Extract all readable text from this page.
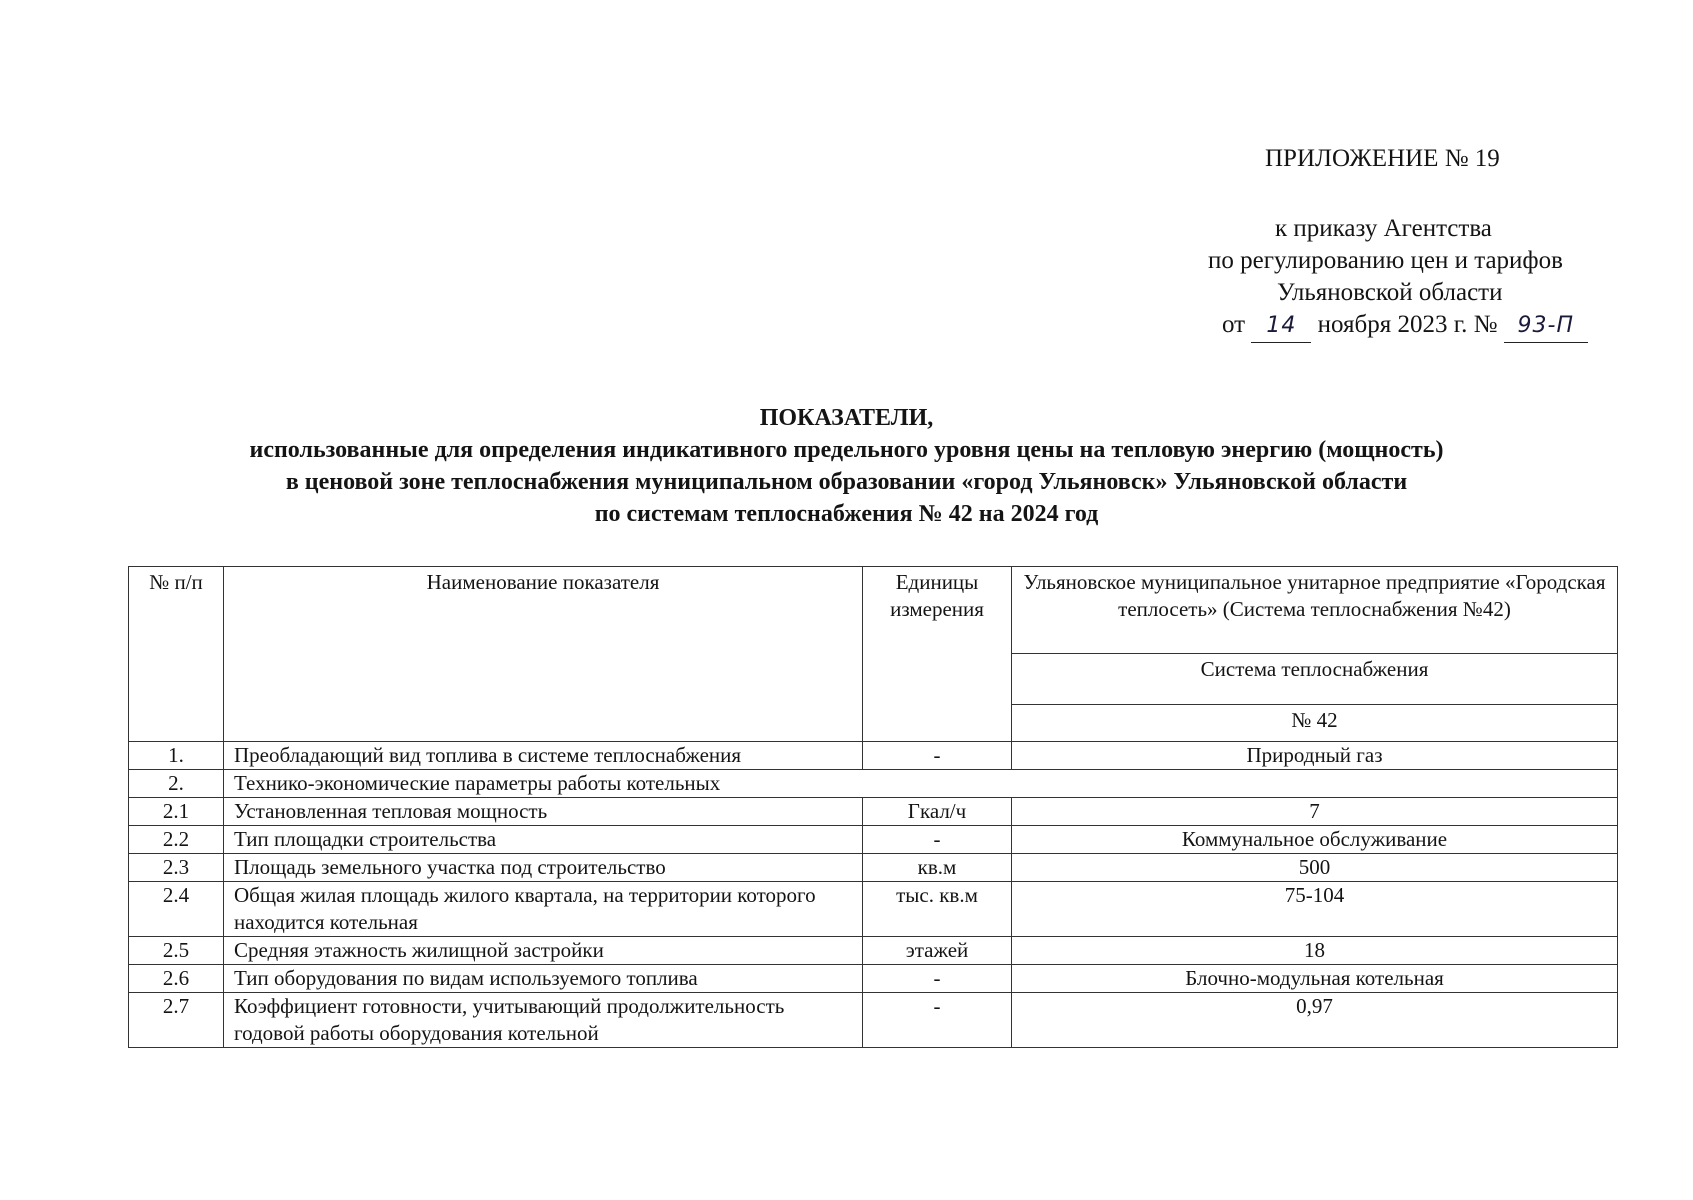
ПРИЛОЖЕНИЕ № 19
к приказу Агентства
по регулированию цен и тарифов
Ульяновской области
от 14 ноября 2023 г. № 93-П
ПОКАЗАТЕЛИ,
использованные для определения индикативного предельного уровня цены на тепловую энергию (мощность)
в ценовой зоне теплоснабжения муниципальном образовании «город Ульяновск» Ульяновской области
по системам теплоснабжения № 42 на 2024 год
№ п/п	Наименование показателя	Единицы измерения	Ульяновское муниципальное унитарное предприятие «Городская теплосеть» (Система теплоснабжения №42)
			Система теплоснабжения
			№ 42
1.	Преобладающий вид топлива в системе теплоснабжения	-	Природный газ
2.	Технико-экономические параметры работы котельных		
2.1	Установленная тепловая мощность	Гкал/ч	7
2.2	Тип площадки строительства	-	Коммунальное обслуживание
2.3	Площадь земельного участка под строительство	кв.м	500
2.4	Общая жилая площадь жилого квартала, на территории которого находится котельная	тыс. кв.м	75-104
2.5	Средняя этажность жилищной застройки	этажей	18
2.6	Тип оборудования по видам используемого топлива	-	Блочно-модульная котельная
2.7	Коэффициент готовности, учитывающий продолжительность годовой работы оборудования котельной	-	0,97
